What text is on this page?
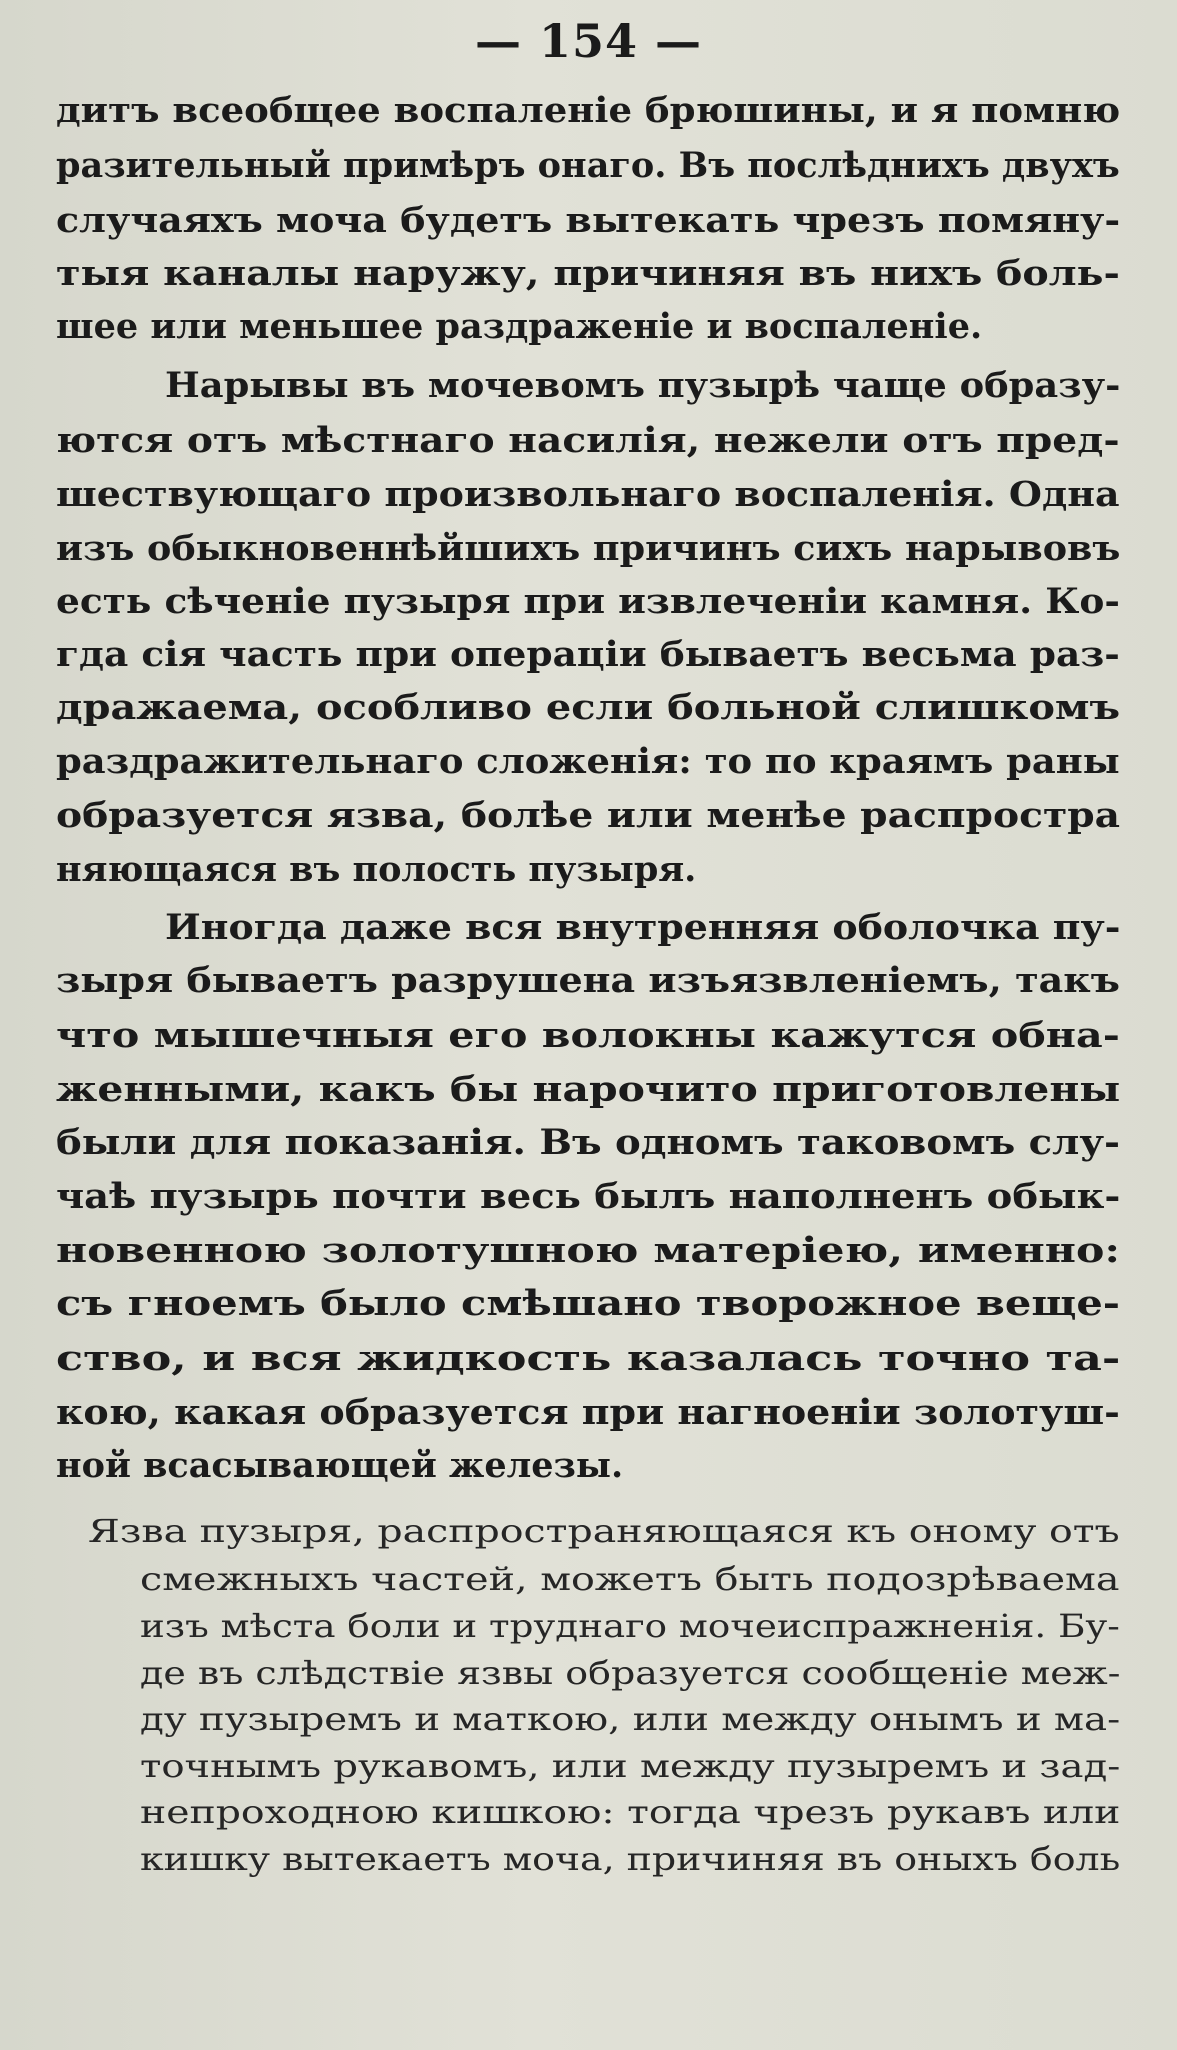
— 154 —
дитъ всеобщее воспаленіе брюшины, и я помню
разительный примѣръ онаго. Въ послѣднихъ двухъ
случаяхъ моча будетъ вытекать чрезъ помяну-
тыя каналы наружу, причиняя въ нихъ боль-
шее или меньшее раздраженіе и воспаленіе.
Нарывы въ мочевомъ пузырѣ чаще образу-
ются отъ мѣстнаго насилія, нежели отъ пред-
шествующаго произвольнаго воспаленія. Одна
изъ обыкновеннѣйшихъ причинъ сихъ нарывовъ
есть сѣченіе пузыря при извлеченіи камня. Ко-
гда сія часть при операціи бываетъ весьма раз-
дражаема, особливо если больной слишкомъ
раздражительнаго сложенія: то по краямъ раны
образуется язва, болѣе или менѣе распростра
няющаяся въ полость пузыря.
Иногда даже вся внутренняя оболочка пу-
зыря бываетъ разрушена изъязвленіемъ, такъ
что мышечныя его волокны кажутся обна-
женными, какъ бы нарочито приготовлены
были для показанія. Въ одномъ таковомъ слу-
чаѣ пузырь почти весь былъ наполненъ обык-
новенною золотушною матеріею, именно:
съ гноемъ было смѣшано творожное веще-
ство, и вся жидкость казалась точно та-
кою, какая образуется при нагноеніи золотуш-
ной всасывающей железы.
Язва пузыря, распространяющаяся къ оному отъ
смежныхъ частей, можетъ быть подозрѣваема
изъ мѣста боли и труднаго мочеиспражненія. Бу-
де въ слѣдствіе язвы образуется сообщеніе меж-
ду пузыремъ и маткою, или между онымъ и ма-
точнымъ рукавомъ, или между пузыремъ и зад-
непроходною кишкою: тогда чрезъ рукавъ или
кишку вытекаетъ моча, причиняя въ оныхъ боль
